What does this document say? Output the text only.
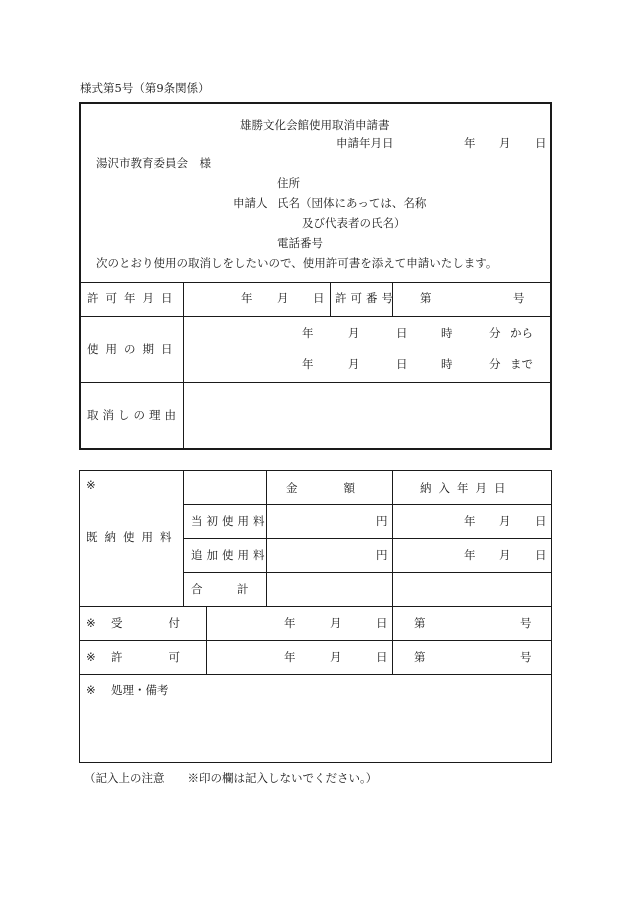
様式第5号（第9条関係）
雄勝文化会館使用取消申請書
申請年月日	年 月 日
湯沢市教育委員会　様
住所
申請人 氏名（団体にあっては、名称
及び代表者の氏名）
電話番号
次のとおり使用の取消しをしたいので、使用許可書を添えて申請いたします。
許可年月日	年 月 日 許可番号 第	号
使用の期日
年	月	日	時	分 から
年	月	日	時	分 まで
取消しの理由
※
既納使用料
金　　　　額	納入年月日
当初使用料	円	年 月 日
追加使用料	円	年 月 日
合　　　計
※ 受　　　　付	年	月	日 第	号
※ 許　　　　可	年	月	日 第	号
※ 処理・備考
（記入上の注意　　※印の欄は記入しないでください。）
